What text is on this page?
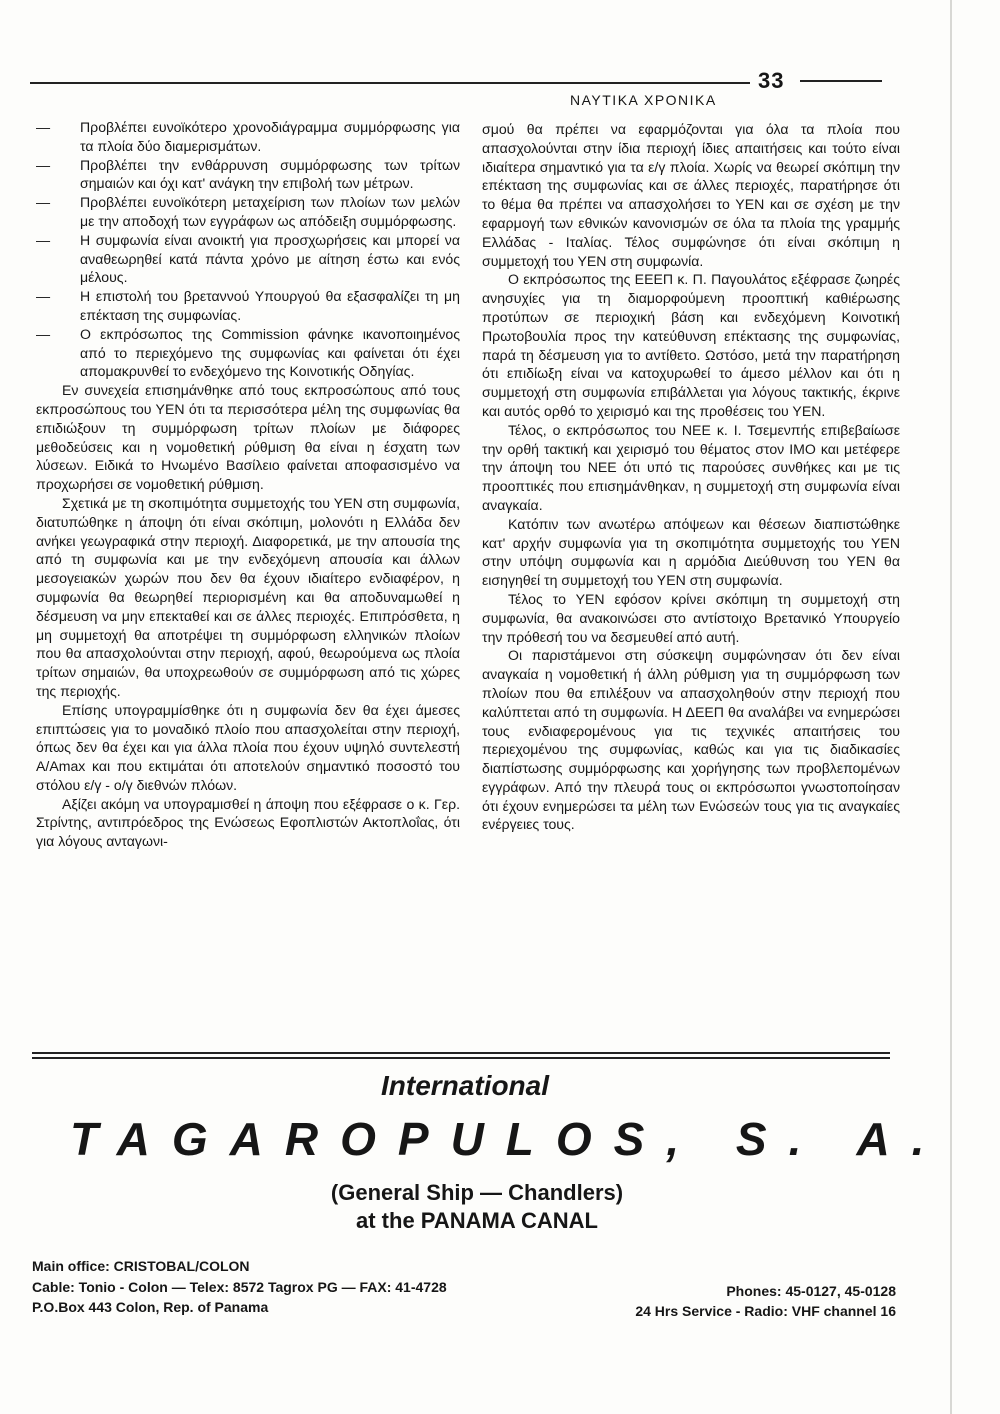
33
ΝΑΥΤΙΚΑ ΧΡΟΝΙΚΑ
—	Προβλέπει ευνοϊκότερο χρονοδιάγραμμα συμμόρφωσης για τα πλοία δύο διαμερισμάτων.
—	Προβλέπει την ενθάρρυνση συμμόρφωσης των τρίτων σημαιών και όχι κατ' ανάγκη την επιβολή των μέτρων.
—	Προβλέπει ευνοϊκότερη μεταχείριση των πλοίων των μελών με την αποδοχή των εγγράφων ως απόδειξη συμμόρφωσης.
—	Η συμφωνία είναι ανοικτή για προσχωρήσεις και μπορεί να αναθεωρηθεί κατά πάντα χρόνο με αίτηση έστω και ενός μέλους.
—	Η επιστολή του βρεταννού Υπουργού θα εξασφαλίζει τη μη επέκταση της συμφωνίας.
—	Ο εκπρόσωπος της Commission φάνηκε ικανοποιημένος από το περιεχόμενο της συμφωνίας και φαίνεται ότι έχει απομακρυνθεί το ενδεχόμενο της Κοινοτικής Οδηγίας.

Εν συνεχεία επισημάνθηκε από τους εκπροσώπους από τους εκπροσώπους του ΥΕΝ ότι τα περισσότερα μέλη της συμφωνίας θα επιδιώξουν τη συμμόρφωση τρίτων πλοίων με διάφορες μεθοδεύσεις και η νομοθετική ρύθμιση θα είναι η έσχατη των λύσεων. Ειδικά το Ηνωμένο Βασίλειο φαίνεται αποφασισμένο να προχωρήσει σε νομοθετική ρύθμιση.

Σχετικά με τη σκοπιμότητα συμμετοχής του ΥΕΝ στη συμφωνία, διατυπώθηκε η άποψη ότι είναι σκόπιμη, μολονότι η Ελλάδα δεν ανήκει γεωγραφικά στην περιοχή. Διαφορετικά, με την απουσία της από τη συμφωνία και με την ενδεχόμενη απουσία και άλλων μεσογειακών χωρών που δεν θα έχουν ιδιαίτερο ενδιαφέρον, η συμφωνία θα θεωρηθεί περιορισμένη και θα αποδυναμωθεί η δέσμευση να μην επεκταθεί και σε άλλες περιοχές. Επιπρόσθετα, η μη συμμετοχή θα αποτρέψει τη συμμόρφωση ελληνικών πλοίων που θα απασχολούνται στην περιοχή, αφού, θεωρούμενα ως πλοία τρίτων σημαιών, θα υποχρεωθούν σε συμμόρφωση από τις χώρες της περιοχής.

Επίσης υπογραμμίσθηκε ότι η συμφωνία δεν θα έχει άμεσες επιπτώσεις για το μοναδικό πλοίο που απασχολείται στην περιοχή, όπως δεν θα έχει και για άλλα πλοία που έχουν υψηλό συντελεστή A/Amax και που εκτιμάται ότι αποτελούν σημαντικό ποσοστό του στόλου ε/γ - ο/γ διεθνών πλόων.

Αξίζει ακόμη να υπογραμισθεί η άποψη που εξέφρασε ο κ. Γερ. Στρίντης, αντιπρόεδρος της Ενώσεως Εφοπλιστών Ακτοπλοΐας, ότι για λόγους ανταγωνι-

σμού θα πρέπει να εφαρμόζονται για όλα τα πλοία που απασχολούνται στην ίδια περιοχή ίδιες απαιτήσεις και τούτο είναι ιδιαίτερα σημαντικό για τα ε/γ πλοία. Χωρίς να θεωρεί σκόπιμη την επέκταση της συμφωνίας και σε άλλες περιοχές, παρατήρησε ότι το θέμα θα πρέπει να απασχολήσει το ΥΕΝ και σε σχέση με την εφαρμογή των εθνικών κανονισμών σε όλα τα πλοία της γραμμής Ελλάδας - Ιταλίας. Τέλος συμφώνησε ότι είναι σκόπιμη η συμμετοχή του ΥΕΝ στη συμφωνία.

Ο εκπρόσωπος της ΕΕΕΠ κ. Π. Παγουλάτος εξέφρασε ζωηρές ανησυχίες για τη διαμορφούμενη προοπτική καθιέρωσης προτύπων σε περιοχική βάση και ενδεχόμενη Κοινοτική Πρωτοβουλία προς την κατεύθυνση επέκτασης της συμφωνίας, παρά τη δέσμευση για το αντίθετο. Ωστόσο, μετά την παρατήρηση ότι επιδίωξη είναι να κατοχυρωθεί το άμεσο μέλλον και ότι η συμμετοχή στη συμφωνία επιβάλλεται για λόγους τακτικής, έκρινε και αυτός ορθό το χειρισμό και της προθέσεις του ΥΕΝ.

Τέλος, ο εκπρόσωπος του ΝΕΕ κ. Ι. Τσεμενπής επιβεβαίωσε την ορθή τακτική και χειρισμό του θέματος στον ΙΜΟ και μετέφερε την άποψη του ΝΕΕ ότι υπό τις παρούσες συνθήκες και με τις προοπτικές που επισημάνθηκαν, η συμμετοχή στη συμφωνία είναι αναγκαία.

Κατόπιν των ανωτέρω απόψεων και θέσεων διαπιστώθηκε κατ' αρχήν συμφωνία για τη σκοπιμότητα συμμετοχής του ΥΕΝ στην υπόψη συμφωνία και η αρμόδια Διεύθυνση του ΥΕΝ θα εισηγηθεί τη συμμετοχή του ΥΕΝ στη συμφωνία.

Τέλος το ΥΕΝ εφόσον κρίνει σκόπιμη τη συμμετοχή στη συμφωνία, θα ανακοινώσει στο αντίστοιχο Βρετανικό Υπουργείο την πρόθεσή του να δεσμευθεί από αυτή.

Οι παριστάμενοι στη σύσκεψη συμφώνησαν ότι δεν είναι αναγκαία η νομοθετική ή άλλη ρύθμιση για τη συμμόρφωση των πλοίων που θα επιλέξουν να απασχοληθούν στην περιοχή που καλύπτεται από τη συμφωνία. Η ΔΕΕΠ θα αναλάβει να ενημερώσει τους ενδιαφερομένους για τις τεχνικές απαιτήσεις του περιεχομένου της συμφωνίας, καθώς και για τις διαδικασίες διαπίστωσης συμμόρφωσης και χορήγησης των προβλεπομένων εγγράφων. Από την πλευρά τους οι εκπρόσωποι γνωστοποίησαν ότι έχουν ενημερώσει τα μέλη των Ενώσεών τους για τις αναγκαίες ενέργειες τους.

International
TAGAROPULOS, S. A.
(General Ship — Chandlers)
at the PANAMA CANAL
Main office: CRISTOBAL/COLON
Cable: Tonio - Colon — Telex: 8572 Tagrox PG — FAX: 41-4728
P.O.Box 443 Colon, Rep. of Panama
Phones: 45-0127, 45-0128
24 Hrs Service - Radio: VHF channel 16
